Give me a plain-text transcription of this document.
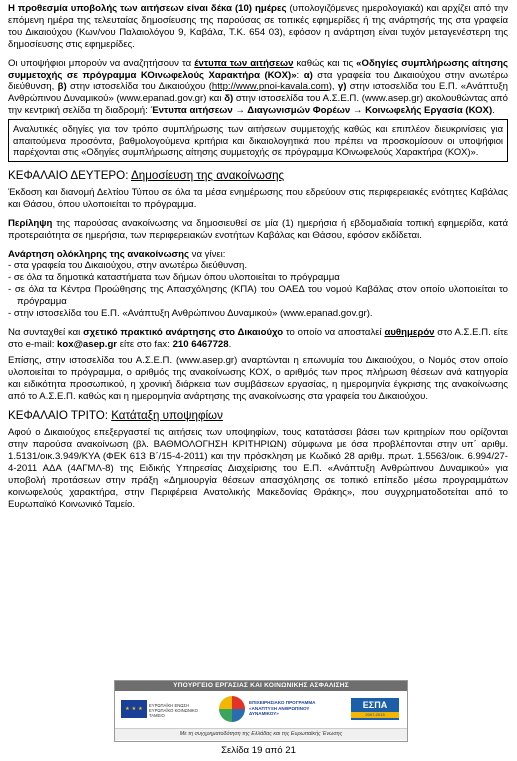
Η προθεσμία υποβολής των αιτήσεων είναι δέκα (10) ημέρες (υπολογιζόμενες ημερολογιακά) και αρχίζει από την επόμενη ημέρα της τελευταίας δημοσίευσης της παρούσας σε τοπικές εφημερίδες ή της ανάρτησής της στα γραφεία του Δικαιούχου (Κων/νου Παλαιολόγου 9, Καβάλα, Τ.Κ. 654 03), εφόσον η ανάρτηση είναι τυχόν μεταγενέστερη της δημοσίευσης στις εφημερίδες.

Οι υποψήφιοι μπορούν να αναζητήσουν τα έντυπα των αιτήσεων καθώς και τις «Οδηγίες συμπλήρωσης αίτησης συμμετοχής σε πρόγραμμα ΚΟινωφελούς Χαρακτήρα (ΚΟΧ)»: α) στα γραφεία του Δικαιούχου στην ανωτέρω διεύθυνση, β) στην ιστοσελίδα του Δικαιούχου (http://www.pnoi-kavala.com), γ) στην ιστοσελίδα του Ε.Π. «Ανάπτυξη Ανθρώπινου Δυναμικού» (www.epanad.gov.gr) και δ) στην ιστοσελίδα του Α.Σ.Ε.Π. (www.asep.gr) ακολουθώντας από την κεντρική σελίδα τη διαδρομή: Έντυπα αιτήσεων → Διαγωνισμών Φορέων → Κοινωφελής Εργασία (ΚΟΧ).

Αναλυτικές οδηγίες για τον τρόπο συμπλήρωσης των αιτήσεων συμμετοχής καθώς και επιπλέον διευκρινίσεις για απαιτούμενα προσόντα, βαθμολογούμενα κριτήρια και δικαιολογητικά που πρέπει να προσκομίσουν οι υποψήφιοι παρέχονται στις «Οδηγίες συμπλήρωσης αίτησης συμμετοχής σε πρόγραμμα ΚΟινωφελούς Χαρακτήρα (ΚΟΧ)».

ΚΕΦΑΛΑΙΟ ΔΕΥΤΕΡΟ: Δημοσίευση της ανακοίνωσης

Έκδοση και διανομή Δελτίου Τύπου σε όλα τα μέσα ενημέρωσης που εδρεύουν στις περιφερειακές ενότητες Καβάλας και Θάσου, όπου υλοποιείται το πρόγραμμα.

Περίληψη της παρούσας ανακοίνωσης να δημοσιευθεί σε μία (1) ημερήσια ή εβδομαδιαία τοπική εφημερίδα, κατά προτεραιότητα σε ημερήσια, των περιφερειακών ενοτήτων Καβάλας και Θάσου, εφόσον εκδίδεται.

Ανάρτηση ολόκληρης της ανακοίνωσης να γίνει:

- στα γραφεία του Δικαιούχου, στην ανωτέρω διεύθυνση.
- σε όλα τα δημοτικά καταστήματα των δήμων όπου υλοποιείται το πρόγραμμα
- σε όλα τα Κέντρα Προώθησης της Απασχόλησης (ΚΠΑ) του ΟΑΕΔ του νομού Καβάλας στον οποίο υλοποιείται το πρόγραμμα
- στην ιστοσελίδα του Ε.Π. «Ανάπτυξη Ανθρώπινου Δυναμικού» (www.epanad.gov.gr).

Να συνταχθεί και σχετικό πρακτικό ανάρτησης στο Δικαιούχο το οποίο να αποσταλεί αυθημερόν στο Α.Σ.Ε.Π. είτε στο e-mail: kox@asep.gr είτε στο fax: 210 6467728.

Επίσης, στην ιστοσελίδα του Α.Σ.Ε.Π. (www.asep.gr) αναρτώνται η επωνυμία του Δικαιούχου, ο Νομός στον οποίο υλοποιείται το πρόγραμμα, ο αριθμός της ανακοίνωσης ΚΟΧ, ο αριθμός των προς πλήρωση θέσεων ανά κατηγορία και ειδικότητα προσωπικού, η χρονική διάρκεια των συμβάσεων εργασίας, η ημερομηνία έγκρισης της ανακοίνωσης από το Α.Σ.Ε.Π. καθώς και η ημερομηνία ανάρτησης της ανακοίνωσης στα γραφεία του Δικαιούχου.

ΚΕΦΑΛΑΙΟ ΤΡΙΤΟ: Κατάταξη υποψηφίων

Αφού ο Δικαιούχος επεξεργαστεί τις αιτήσεις των υποψηφίων, τους κατατάσσει βάσει των κριτηρίων που ορίζονται στην παρούσα ανακοίνωση (βλ. ΒΑΘΜΟΛΟΓΗΣΗ ΚΡΙΤΗΡΙΩΝ) σύμφωνα με όσα προβλέπονται στην υπ΄ αριθμ. 1.5131/οικ.3.949/ΚΥΑ (ΦΕΚ 613 Β΄/15-4-2011) και την πρόσκληση με Κωδικό 28 αριθμ. πρωτ. 1.5563/οικ. 6.994/27-4-2011 ΑΔΑ (4ΑΓΜΛ-8) της Ειδικής Υπηρεσίας Διαχείρισης του Ε.Π. «Ανάπτυξη Ανθρώπινου Δυναμικού» για υποβολή προτάσεων στην πράξη «Δημιουργία θέσεων απασχόλησης σε τοπικό επίπεδο μέσω προγραμμάτων κοινωφελούς χαρακτήρα, στην Περιφέρεια Ανατολικής Μακεδονίας Θράκης», που συγχρηματοδοτείται από το Ευρωπαϊκό Κοινωνικό Ταμείο.

ΥΠΟΥΡΓΕΙΟ ΕΡΓΑΣΙΑΣ ΚΑΙ ΚΟΙΝΩΝΙΚΗΣ ΑΣΦΑΛΙΣΗΣ
★ ★ ★
ΕΥΡΩΠΑΪΚΗ ΕΝΩΣΗ ΕΥΡΩΠΑΪΚΟ ΚΟΙΝΩΝΙΚΟ ΤΑΜΕΙΟ
ΕΠΙΧΕΙΡΗΣΙΑΚΟ ΠΡΟΓΡΑΜΜΑ «ΑΝΑΠΤΥΞΗ ΑΝΘΡΩΠΙΝΟΥ ΔΥΝΑΜΙΚΟΥ»
ΕΣΠΑ
2007-2013
Με τη συγχρηματοδότηση της Ελλάδας και της Ευρωπαϊκής Ένωσης
Σελίδα 19 από 21
